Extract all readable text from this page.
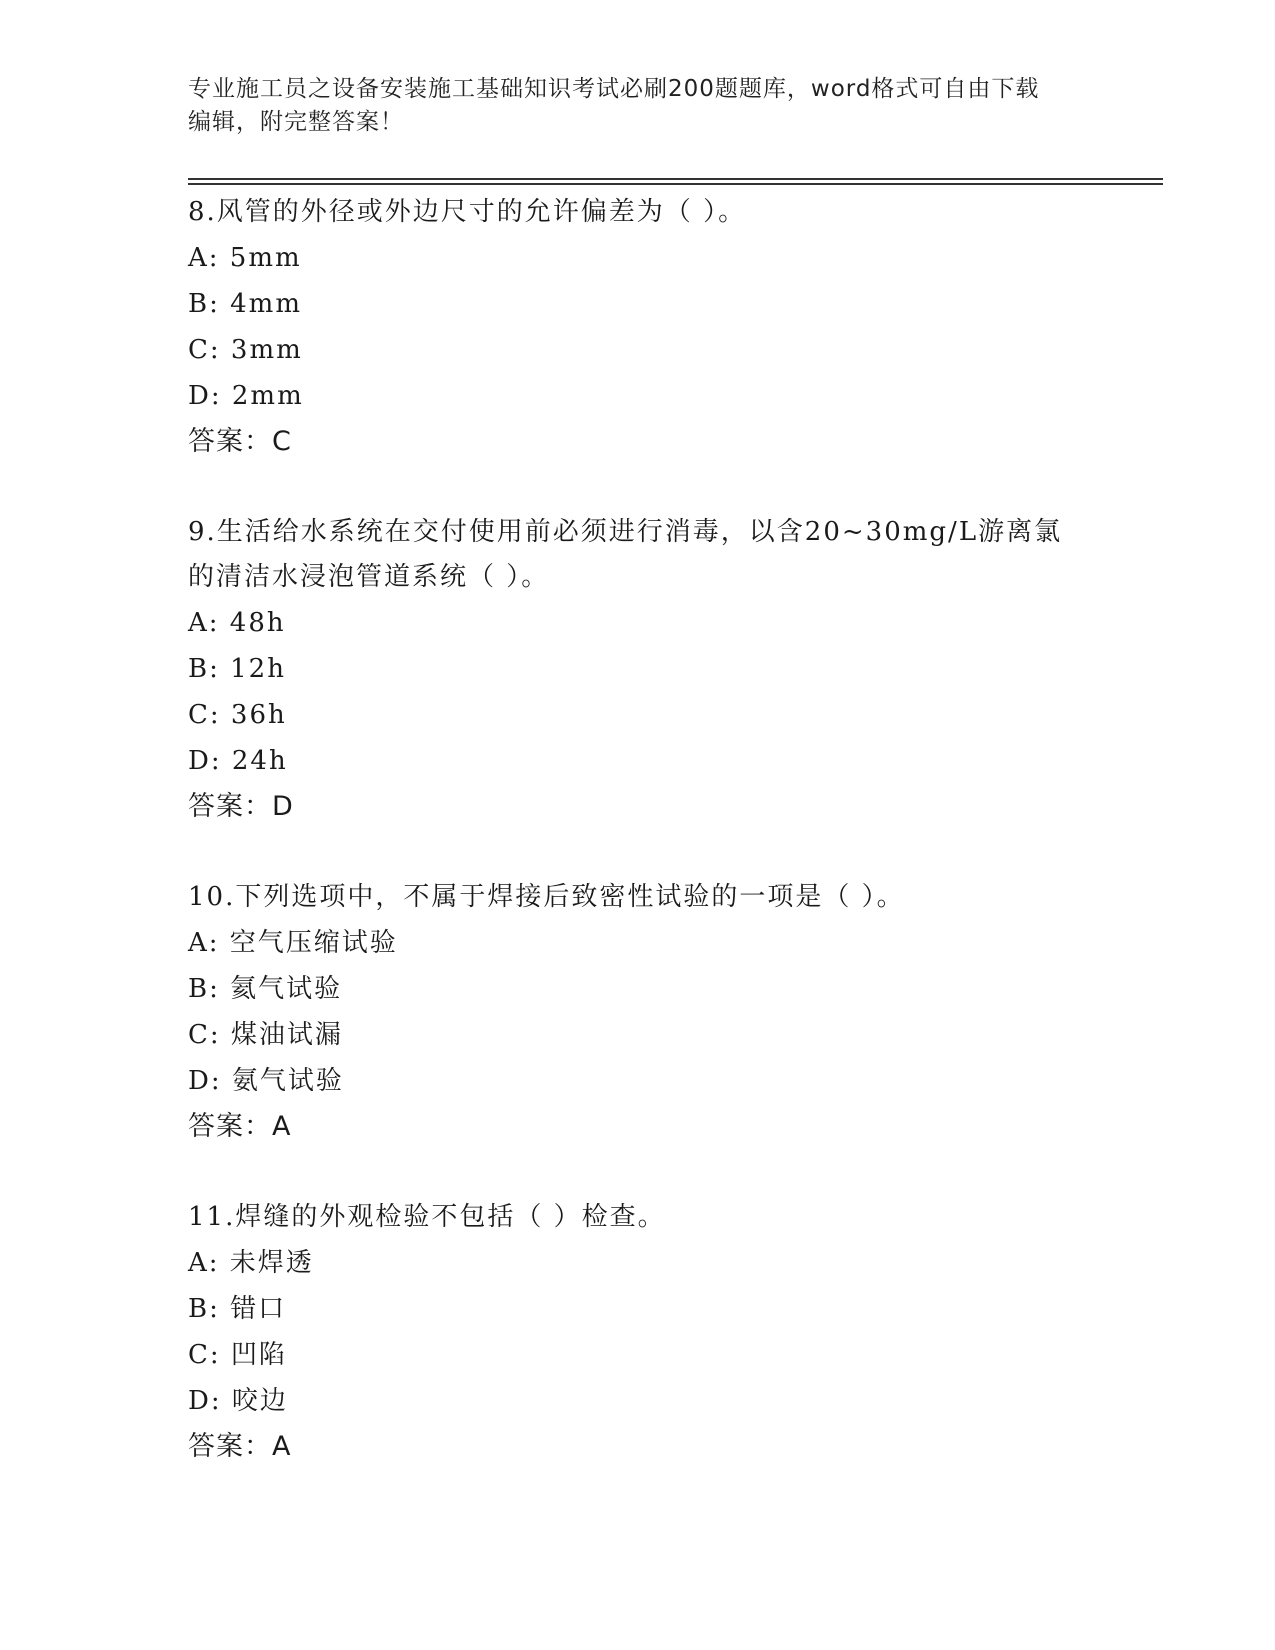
专业施工员之设备安装施工基础知识考试必刷200题题库，word格式可自由下载
编辑，附完整答案！
8.风管的外径或外边尺寸的允许偏差为（ ）。
A: 5mm
B: 4mm
C: 3mm
D: 2mm
答案：C
9.生活给水系统在交付使用前必须进行消毒，以含20~30mg/L游离氯
的清洁水浸泡管道系统（ ）。
A: 48h
B: 12h
C: 36h
D: 24h
答案：D
10.下列选项中，不属于焊接后致密性试验的一项是（ ）。
A: 空气压缩试验
B: 氦气试验
C: 煤油试漏
D: 氨气试验
答案：A
11.焊缝的外观检验不包括（ ）检查。
A: 未焊透
B: 错口
C: 凹陷
D: 咬边
答案：A
